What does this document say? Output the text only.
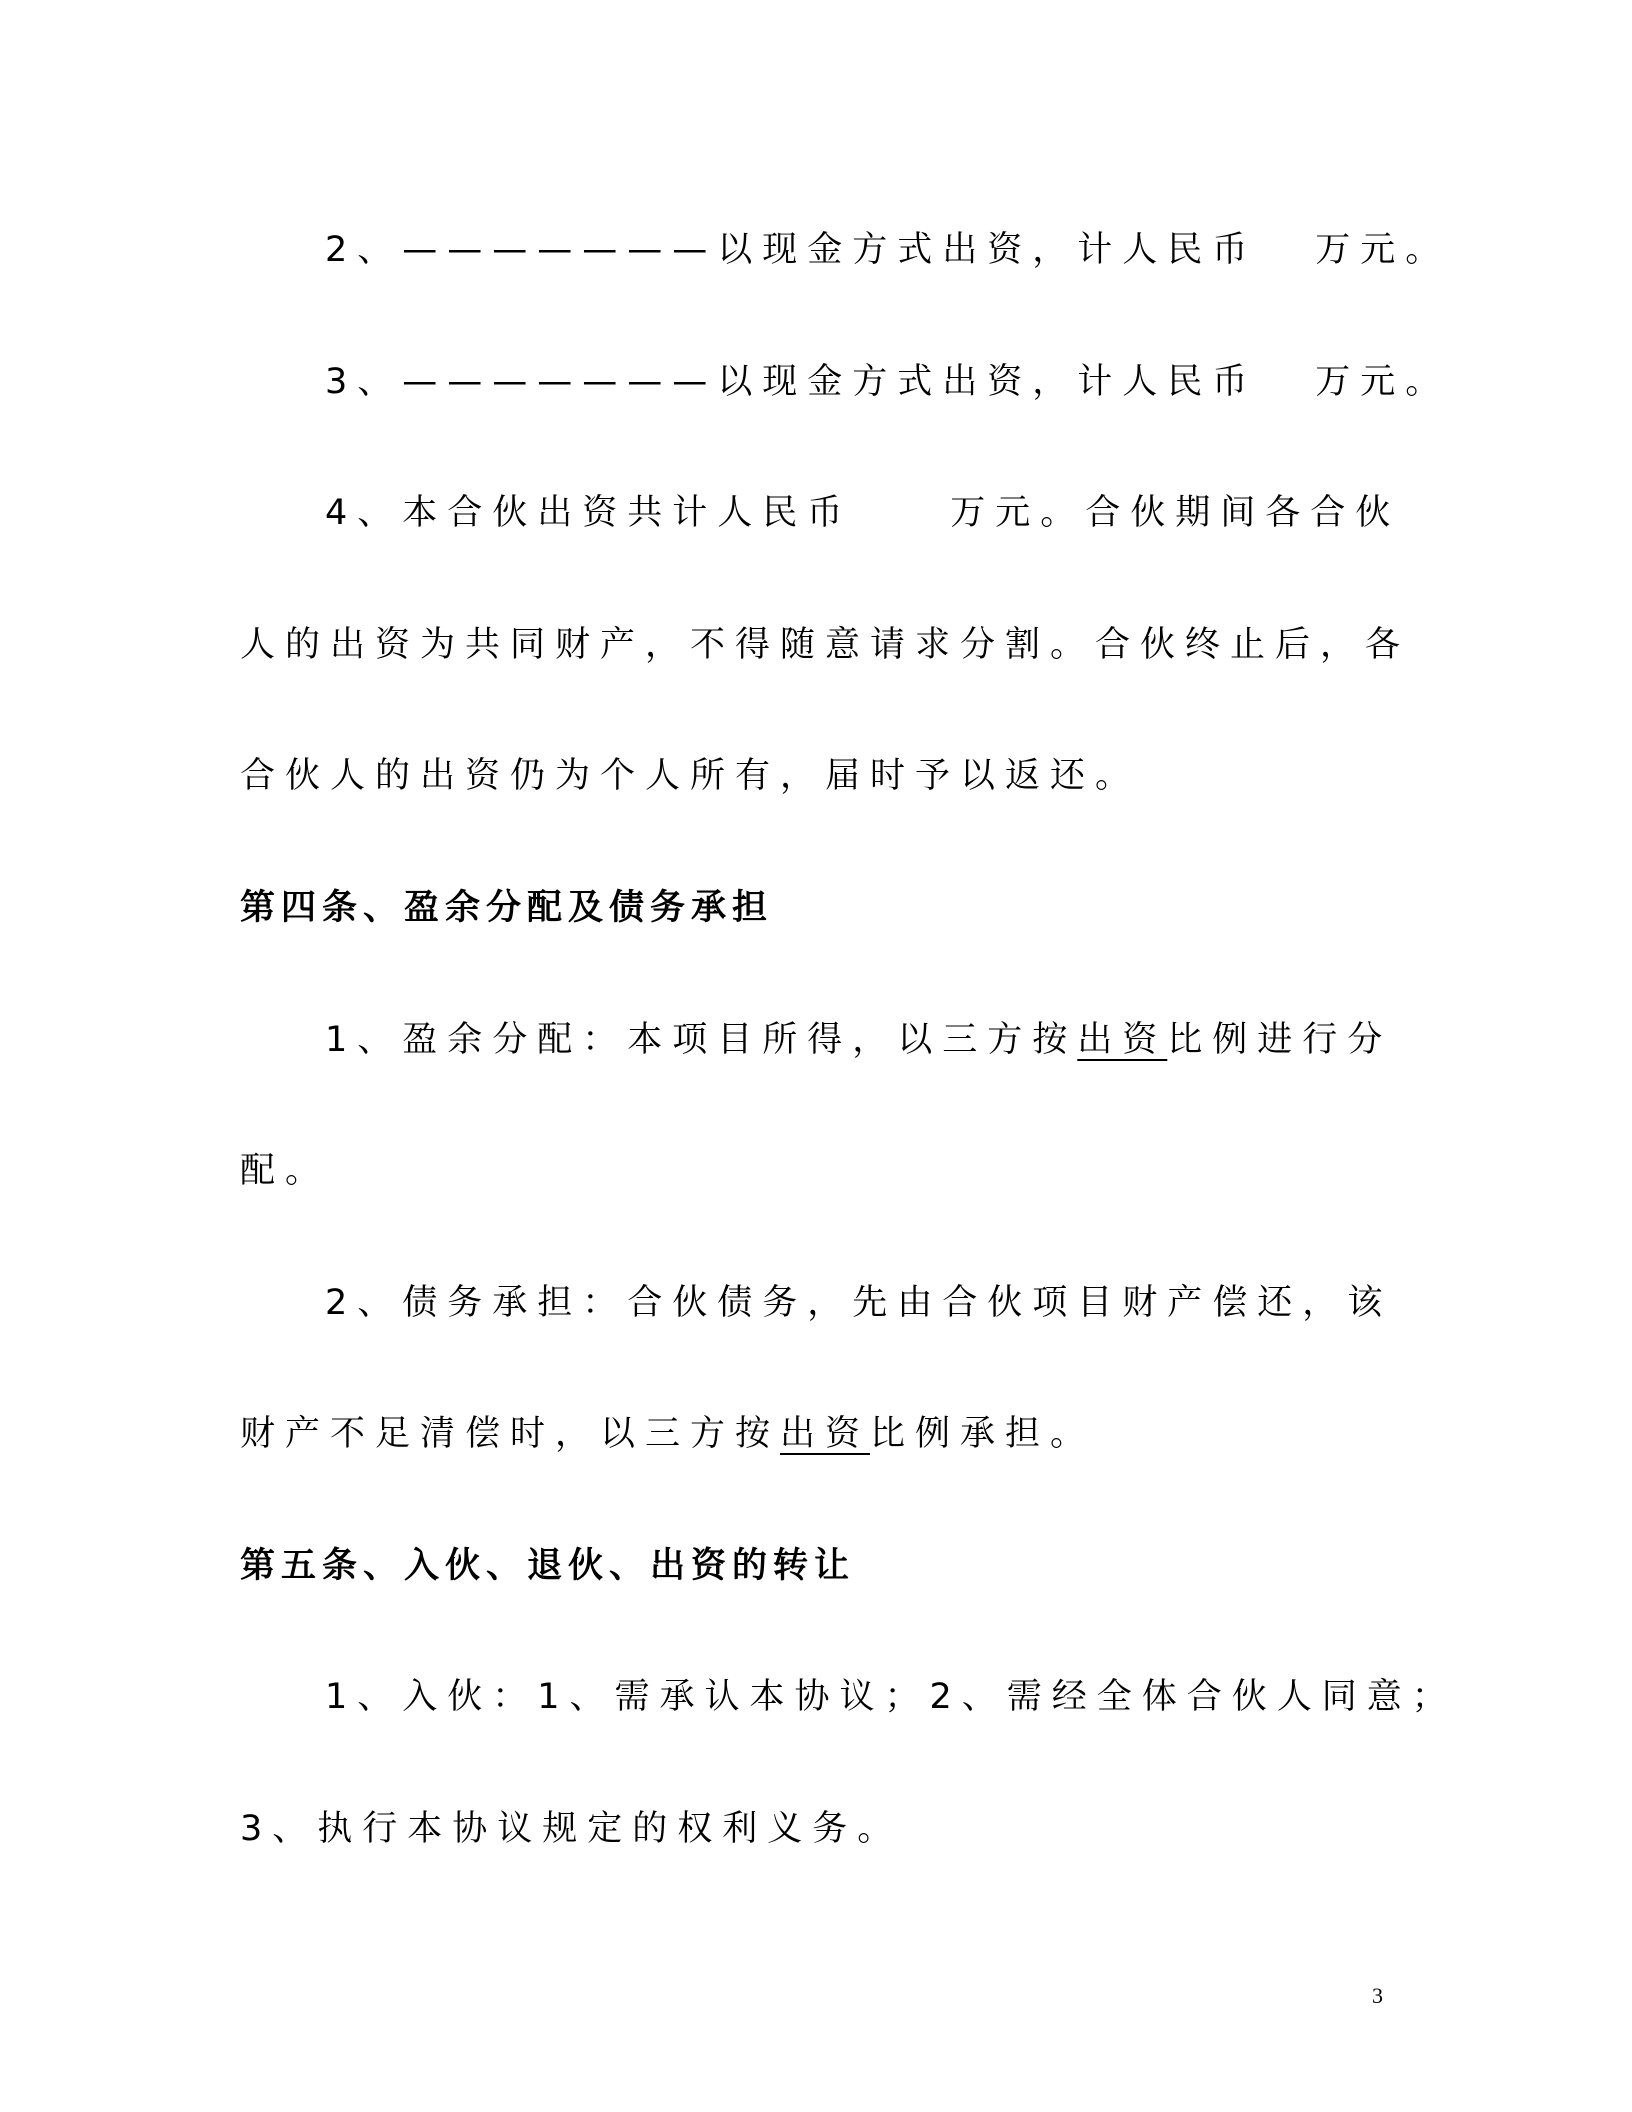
2、———————以现金方式出资，计人民币 万元。
3、———————以现金方式出资，计人民币 万元。
4、本合伙出资共计人民币	万元。合伙期间各合伙
人的出资为共同财产，不得随意请求分割。合伙终止后，各
合伙人的出资仍为个人所有，届时予以返还。
第四条、盈余分配及债务承担
1、盈余分配：本项目所得，以三方按出资比例进行分
配。
2、债务承担：合伙债务，先由合伙项目财产偿还，该
财产不足清偿时，以三方按出资比例承担。
第五条、入伙、退伙、出资的转让
1、入伙：1、需承认本协议；2、需经全体合伙人同意；
3、执行本协议规定的权利义务。
3
